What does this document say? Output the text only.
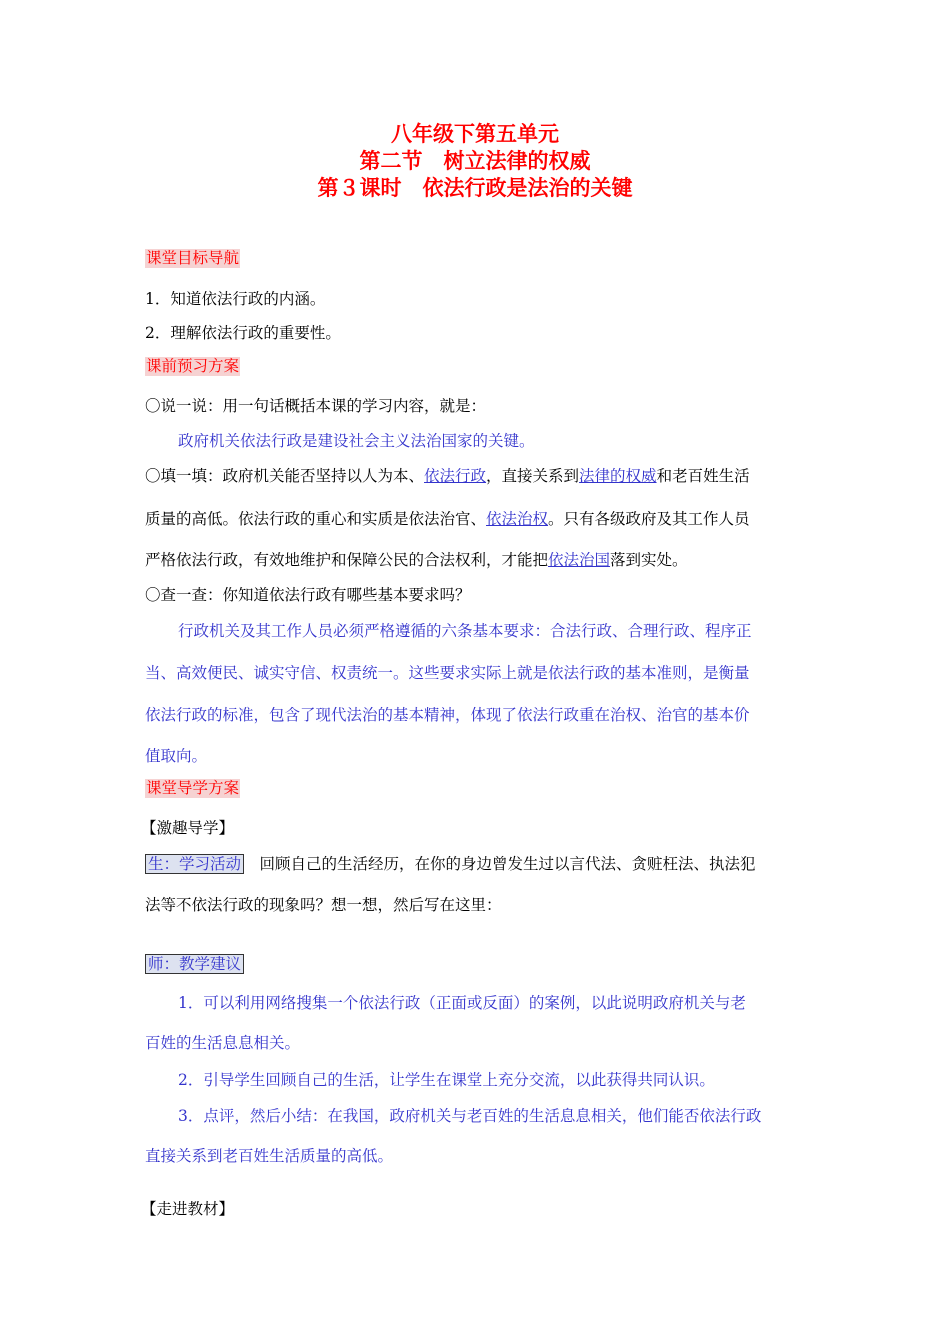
八年级下第五单元
第二节　树立法律的权威
第３课时　依法行政是法治的关键
课堂目标导航
1．知道依法行政的内涵。
2．理解依法行政的重要性。
课前预习方案
〇说一说：用一句话概括本课的学习内容，就是：
政府机关依法行政是建设社会主义法治国家的关键。
〇填一填：政府机关能否坚持以人为本、依法行政，直接关系到法律的权威和老百姓生活
质量的高低。依法行政的重心和实质是依法治官、依法治权。只有各级政府及其工作人员
严格依法行政，有效地维护和保障公民的合法权利，才能把依法治国落到实处。
〇查一查：你知道依法行政有哪些基本要求吗？
行政机关及其工作人员必须严格遵循的六条基本要求：合法行政、合理行政、程序正
当、高效便民、诚实守信、权责统一。这些要求实际上就是依法行政的基本准则，是衡量
依法行政的标准，包含了现代法治的基本精神，体现了依法行政重在治权、治官的基本价
值取向。
课堂导学方案
【激趣导学】
生：学习活动　回顾自己的生活经历，在你的身边曾发生过以言代法、贪赃枉法、执法犯
法等不依法行政的现象吗？想一想，然后写在这里：
师：教学建议
1．可以利用网络搜集一个依法行政（正面或反面）的案例，以此说明政府机关与老
百姓的生活息息相关。
2．引导学生回顾自己的生活，让学生在课堂上充分交流，以此获得共同认识。
3．点评，然后小结：在我国，政府机关与老百姓的生活息息相关，他们能否依法行政
直接关系到老百姓生活质量的高低。
【走进教材】
